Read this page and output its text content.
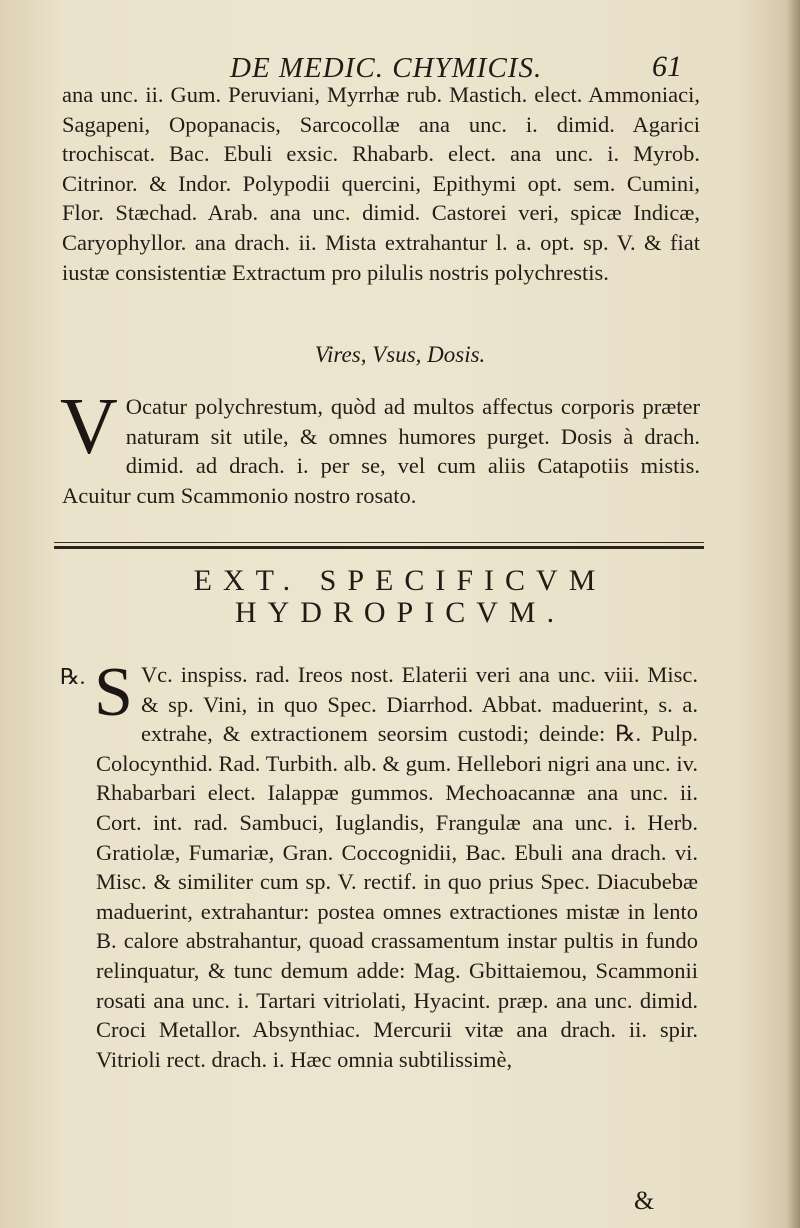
DE MEDIC. CHYMICIS.	61

ana unc. ii. Gum. Peruviani, Myrrhæ rub. Mastich. elect. Ammoniaci, Sagapeni, Opopanacis, Sarcocollæ ana unc. i. dimid. Agarici trochiscat. Bac. Ebuli exsic. Rhabarb. elect. ana unc. i. Myrob. Citrinor. & Indor. Polypodii quercini, Epithymi opt. sem. Cumini, Flor. Stæchad. Arab. ana unc. dimid. Castorei veri, spicæ Indicæ, Caryophyllor. ana drach. ii. Mista extrahantur l. a. opt. sp. V. & fiat iustæ consistentiæ Extractum pro pilulis nostris polychrestis.

Vires, Vsus, Dosis.
V Ocatur polychrestum, quòd ad multos affectus corporis præter naturam sit utile, & omnes humores purget. Dosis à drach. dimid. ad drach. i. per se, vel cum aliis Catapotiis mistis. Acuitur cum Scammonio nostro rosato.

EXT. SPECIFICVM
HYDROPICVM.
℞. S Vc. inspiss. rad. Ireos nost. Elaterii veri ana unc. viii. Misc. & sp. Vini, in quo Spec. Diarrhod. Abbat. maduerint, s. a. extrahe, & extractionem seorsim custodi; deinde: ℞. Pulp. Colocynthid. Rad. Turbith. alb. & gum. Hellebori nigri ana unc. iv. Rhabarbari elect. Ialappæ gummos. Mechoacannæ ana unc. ii. Cort. int. rad. Sambuci, Iuglandis, Frangulæ ana unc. i. Herb. Gratiolæ, Fumariæ, Gran. Coccognidii, Bac. Ebuli ana drach. vi. Misc. & similiter cum sp. V. rectif. in quo prius Spec. Diacubebæ maduerint, extrahantur: postea omnes extractiones mistæ in lento B. calore abstrahantur, quoad crassamentum instar pultis in fundo relinquatur, & tunc demum adde: Mag. Gbittaiemou, Scammonii rosati ana unc. i. Tartari vitriolati, Hyacint. præp. ana unc. dimid. Croci Metallor. Absynthiac. Mercurii vitæ ana drach. ii. spir. Vitrioli rect. drach. i. Hæc omnia subtilissimè,

&
